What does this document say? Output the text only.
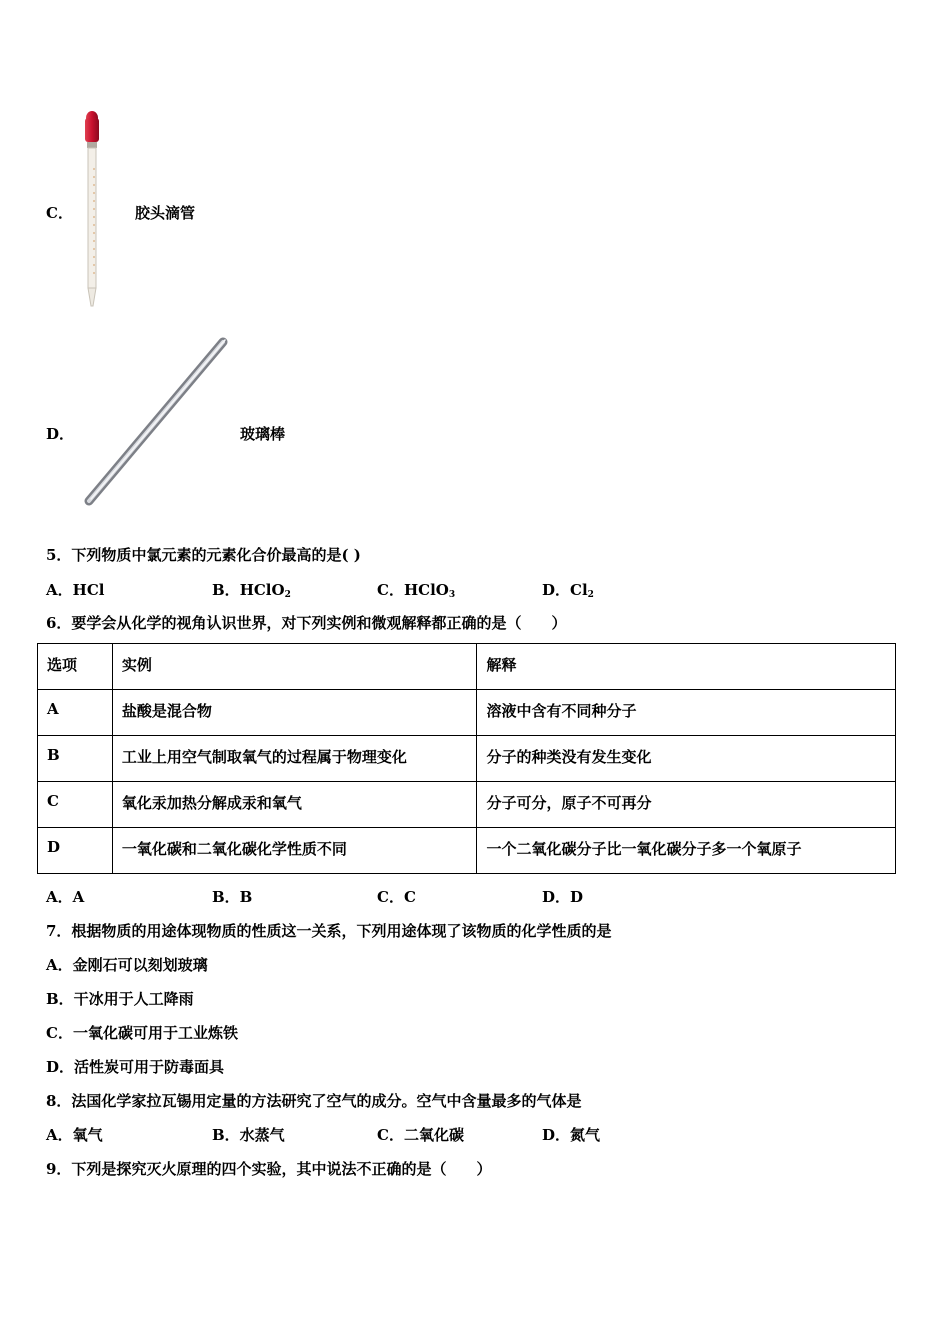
C．	胶头滴管
D．	玻璃棒
5．下列物质中氯元素的元素化合价最高的是( )
A．HCl	B．HClO$_2$	C．HClO$_3$	D．$Cl_2$
6．要学会从化学的视角认识世界，对下列实例和微观解释都正确的是（　　）
选项	实例	解释
A	盐酸是混合物	溶液中含有不同种分子
B	工业上用空气制取氧气的过程属于物理变化	分子的种类没有发生变化
C	氧化汞加热分解成汞和氧气	分子可分，原子不可再分
D	一氧化碳和二氧化碳化学性质不同	一个二氧化碳分子比一氧化碳分子多一个氧原子
A．A	B．B	C．C	D．D
7．根据物质的用途体现物质的性质这一关系，下列用途体现了该物质的化学性质的是
A．金刚石可以刻划玻璃
B．干冰用于人工降雨
C．一氧化碳可用于工业炼铁
D．活性炭可用于防毒面具
8．法国化学家拉瓦锡用定量的方法研究了空气的成分。空气中含量最多的气体是
A．氧气	B．水蒸气	C．二氧化碳	D．氮气
9．下列是探究灭火原理的四个实验，其中说法不正确的是（　　）
